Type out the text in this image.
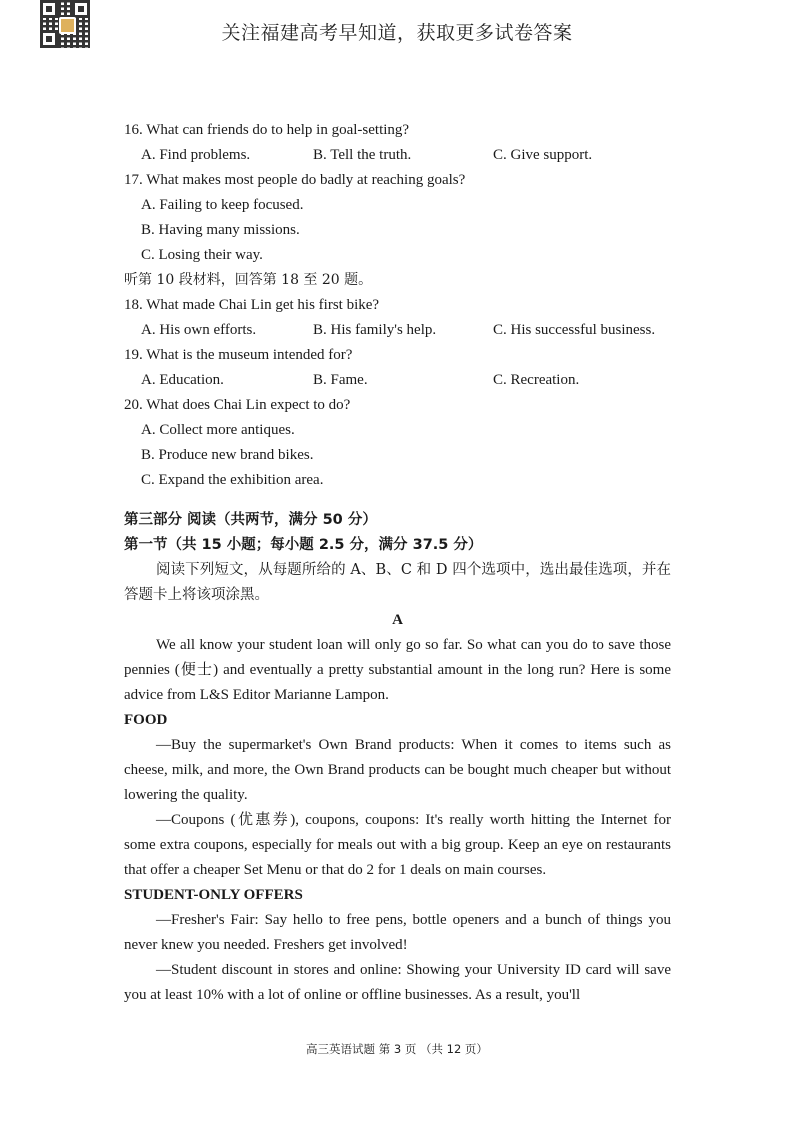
关注福建高考早知道，获取更多试卷答案
16. What can friends do to help in goal-setting?
A. Find problems.	B. Tell the truth.	C. Give support.
17. What makes most people do badly at reaching goals?
A. Failing to keep focused.
B. Having many missions.
C. Losing their way.
听第 10 段材料，回答第 18 至 20 题。
18. What made Chai Lin get his first bike?
A. His own efforts.	B. His family's help.	C. His successful business.
19. What is the museum intended for?
A. Education.	B. Fame.	C. Recreation.
20. What does Chai Lin expect to do?
A. Collect more antiques.
B. Produce new brand bikes.
C. Expand the exhibition area.
第三部分 阅读（共两节，满分 50 分）
第一节（共 15 小题；每小题 2.5 分，满分 37.5 分）

阅读下列短文，从每题所给的 A、B、C 和 D 四个选项中，选出最佳选项，并在答题卡上将该项涂黑。

A

We all know your student loan will only go so far. So what can you do to save those pennies (便士) and eventually a pretty substantial amount in the long run? Here is some advice from L&S Editor Marianne Lampon.

FOOD

—Buy the supermarket's Own Brand products: When it comes to items such as cheese, milk, and more, the Own Brand products can be bought much cheaper but without lowering the quality.

—Coupons (优惠券), coupons, coupons: It's really worth hitting the Internet for some extra coupons, especially for meals out with a big group. Keep an eye on restaurants that offer a cheaper Set Menu or that do 2 for 1 deals on main courses.

STUDENT-ONLY OFFERS

—Fresher's Fair: Say hello to free pens, bottle openers and a bunch of things you never knew you needed. Freshers get involved!

—Student discount in stores and online: Showing your University ID card will save you at least 10% with a lot of online or offline businesses. As a result, you'll

高三英语试题 第 3 页 （共 12 页）
